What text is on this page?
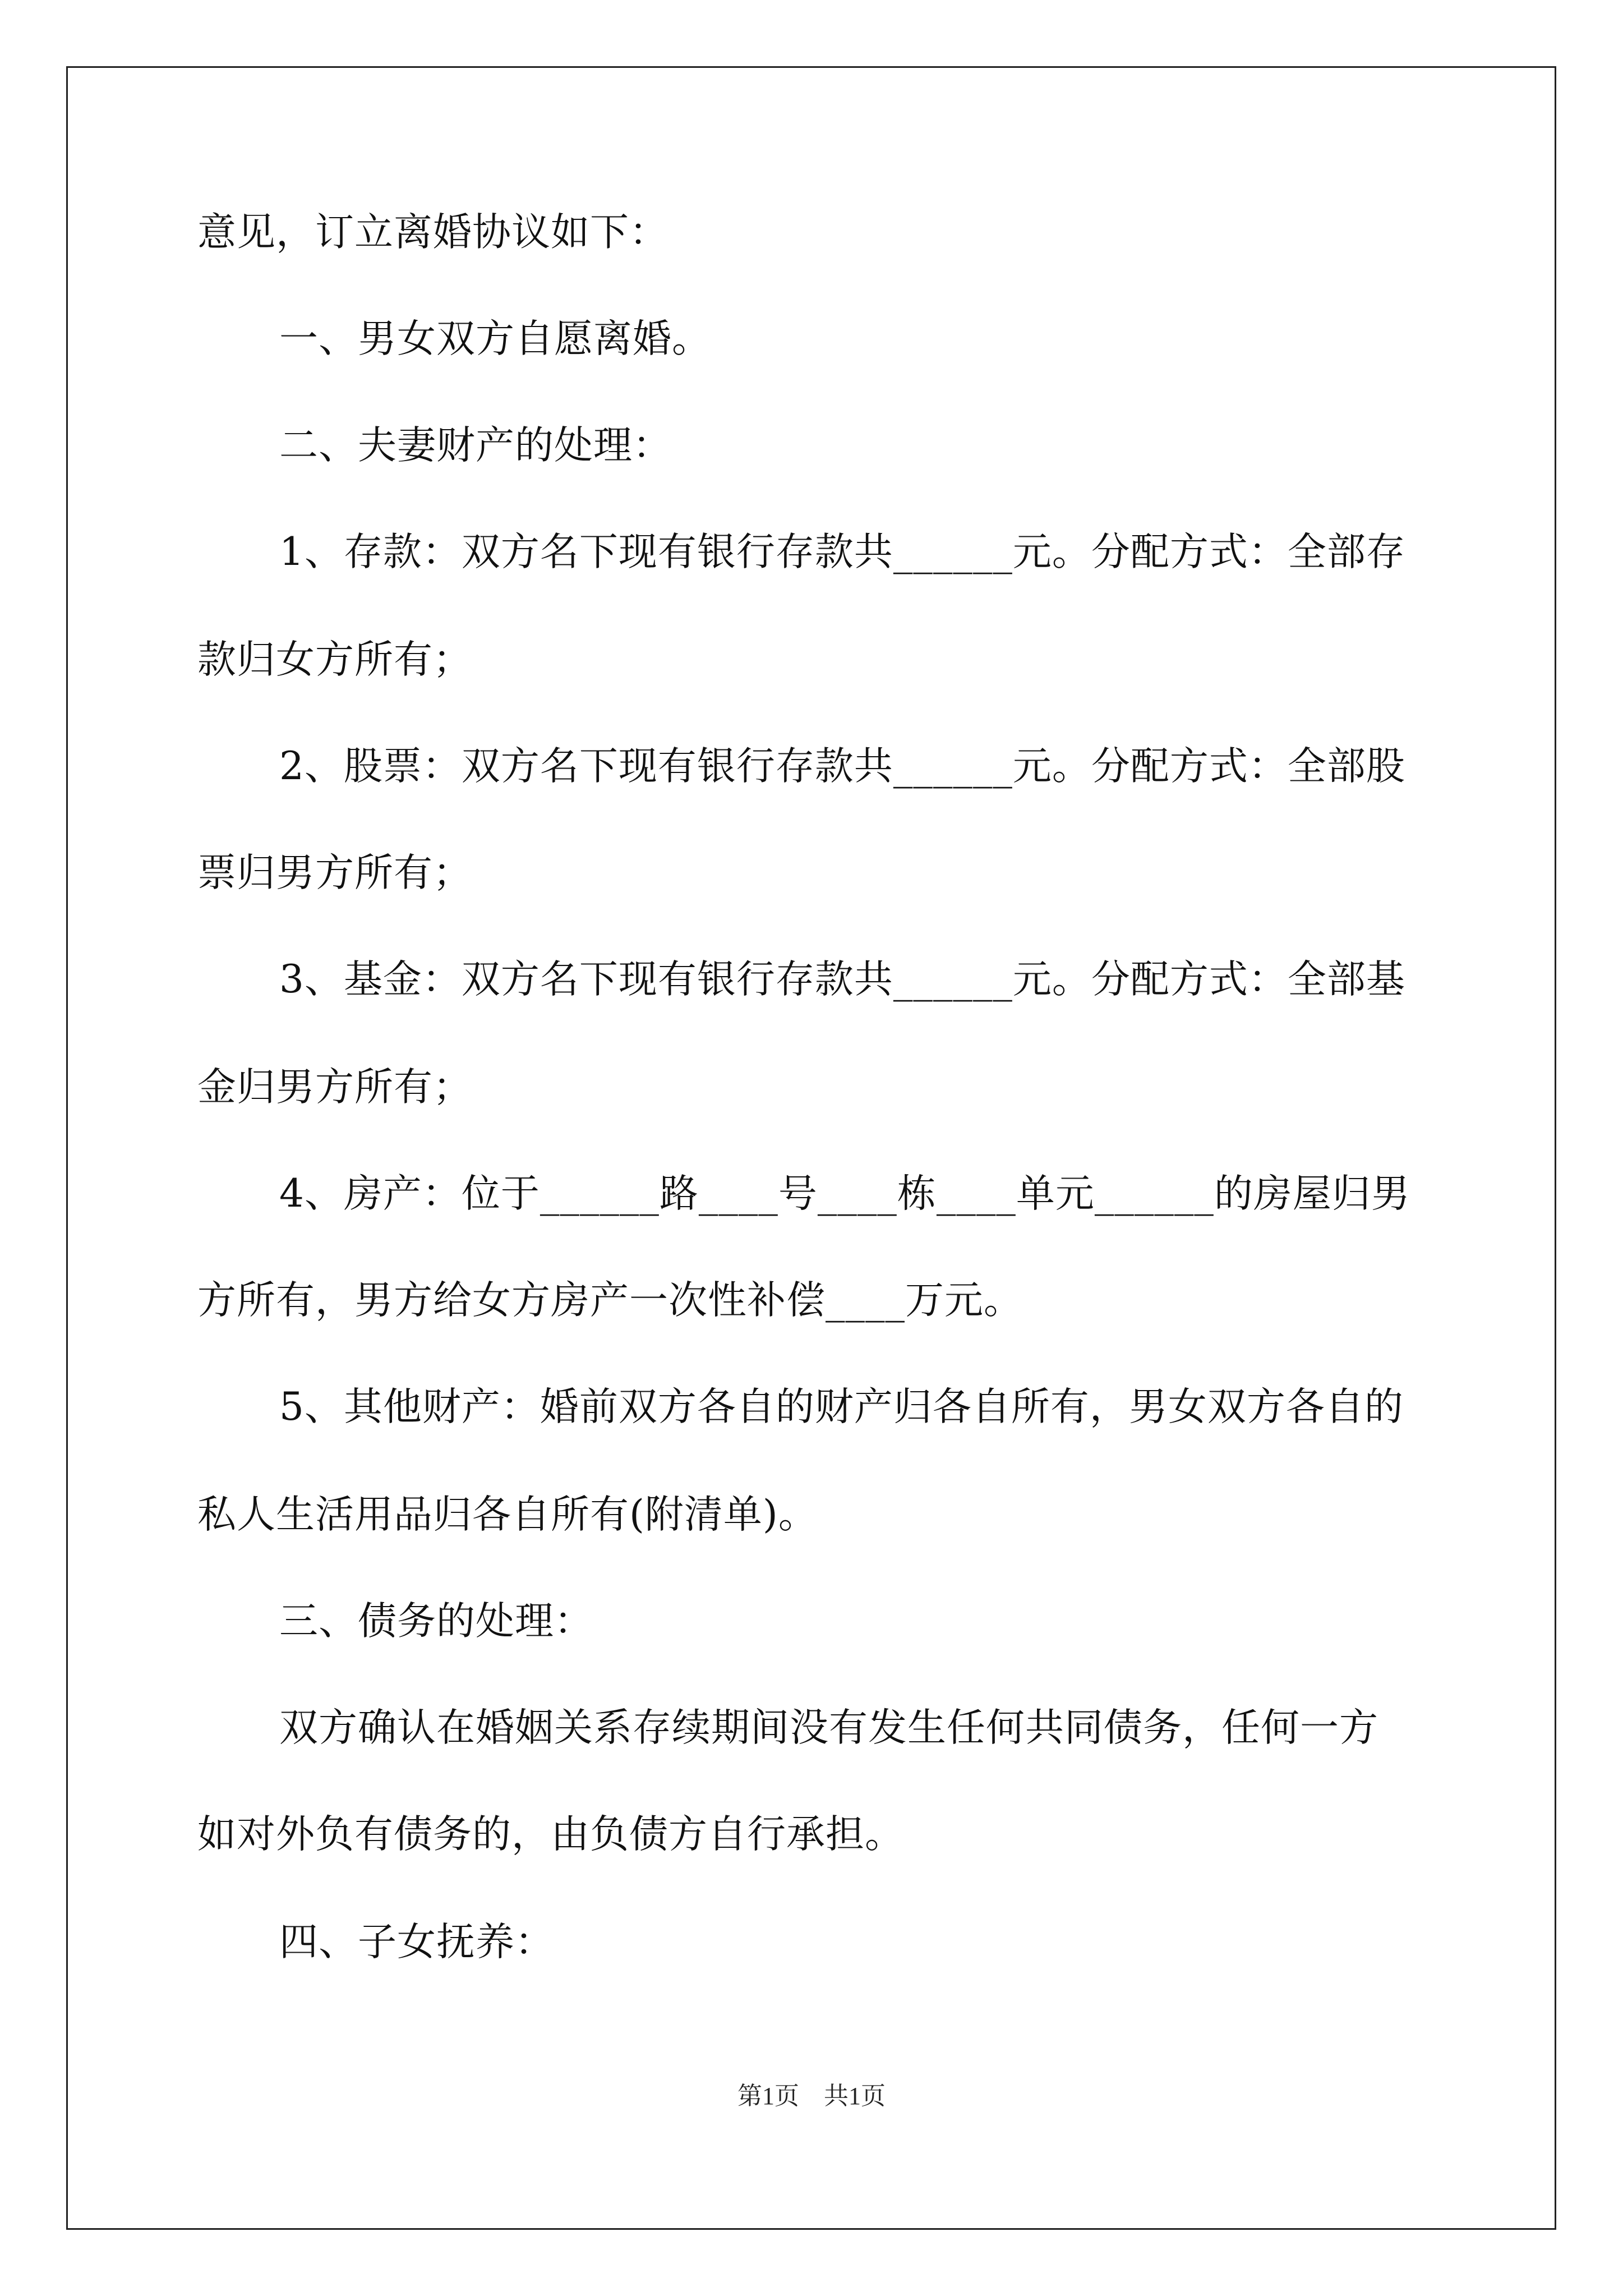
意见，订立离婚协议如下：
一、男女双方自愿离婚。
二、夫妻财产的处理：
1、存款：双方名下现有银行存款共______元。分配方式：全部存
款归女方所有；
2、股票：双方名下现有银行存款共______元。分配方式：全部股
票归男方所有；
3、基金：双方名下现有银行存款共______元。分配方式：全部基
金归男方所有；
4、房产：位于______路____号____栋____单元______的房屋归男
方所有，男方给女方房产一次性补偿____万元。
5、其他财产：婚前双方各自的财产归各自所有，男女双方各自的
私人生活用品归各自所有(附清单)。
三、债务的处理：
双方确认在婚姻关系存续期间没有发生任何共同债务，任何一方
如对外负有债务的，由负债方自行承担。
四、子女抚养：
第1页　共1页
